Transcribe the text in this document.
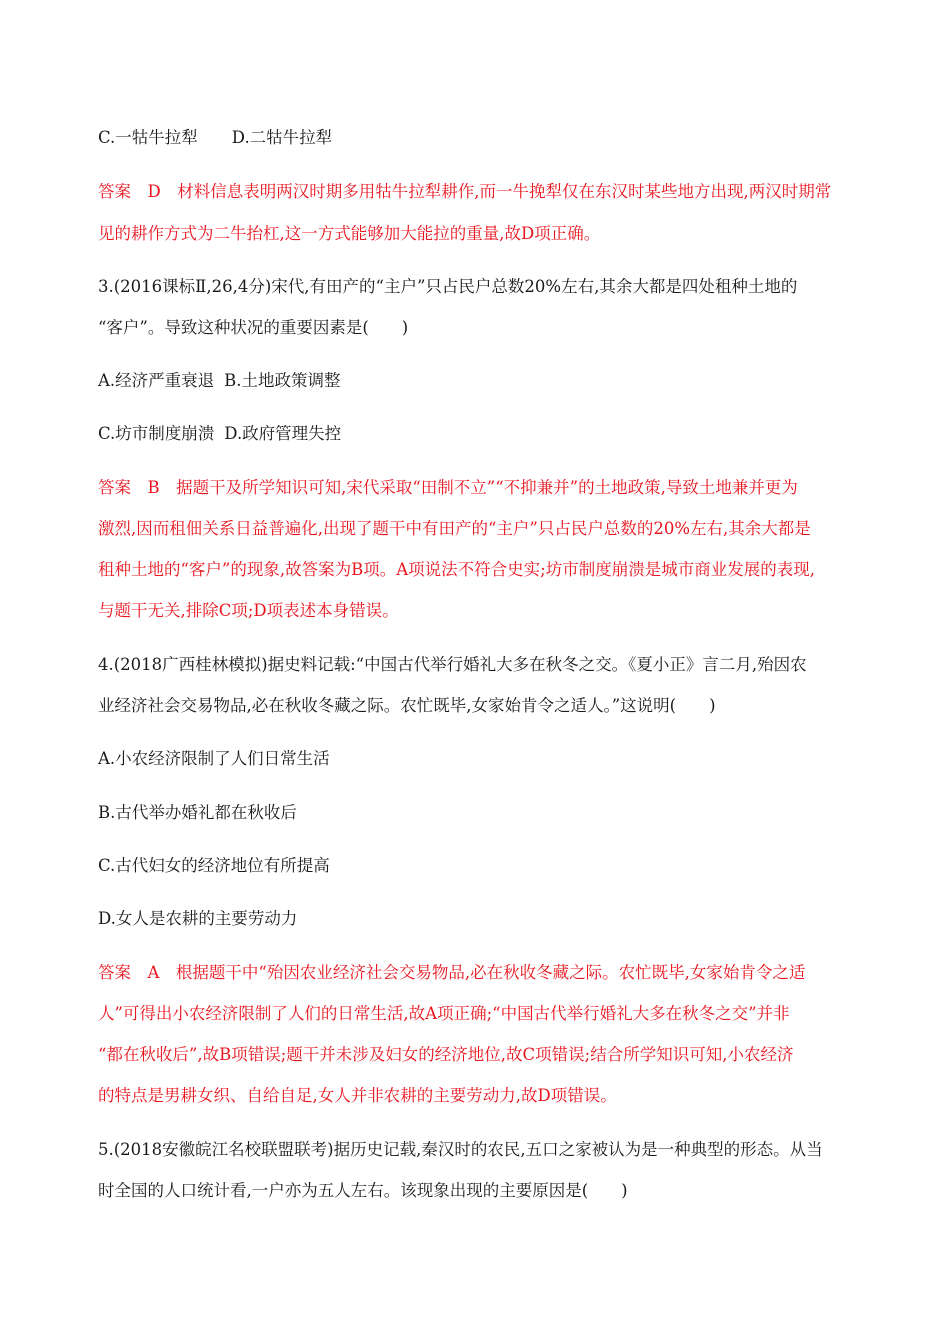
C.一牯牛拉犁 D.二牯牛拉犁
答案　D　材料信息表明两汉时期多用牯牛拉犁耕作,而一牛挽犁仅在东汉时某些地方出现,两汉时期常
见的耕作方式为二牛抬杠,这一方式能够加大能拉的重量,故D项正确。
3.(2016课标Ⅱ,26,4分)宋代,有田产的“主户”只占民户总数20%左右,其余大都是四处租种土地的
“客户”。导致这种状况的重要因素是(　　)
A.经济严重衰退 B.土地政策调整
C.坊市制度崩溃 D.政府管理失控
答案　B　据题干及所学知识可知,宋代采取“田制不立”“不抑兼并”的土地政策,导致土地兼并更为
激烈,因而租佃关系日益普遍化,出现了题干中有田产的“主户”只占民户总数的20%左右,其余大都是
租种土地的“客户”的现象,故答案为B项。A项说法不符合史实;坊市制度崩溃是城市商业发展的表现,
与题干无关,排除C项;D项表述本身错误。
4.(2018广西桂林模拟)据史料记载:“中国古代举行婚礼大多在秋冬之交。《夏小正》言二月,殆因农
业经济社会交易物品,必在秋收冬藏之际。农忙既毕,女家始肯令之适人。”这说明(　　)
A.小农经济限制了人们日常生活
B.古代举办婚礼都在秋收后
C.古代妇女的经济地位有所提高
D.女人是农耕的主要劳动力
答案　A　根据题干中“殆因农业经济社会交易物品,必在秋收冬藏之际。农忙既毕,女家始肯令之适
人”可得出小农经济限制了人们的日常生活,故A项正确;“中国古代举行婚礼大多在秋冬之交”并非
“都在秋收后”,故B项错误;题干并未涉及妇女的经济地位,故C项错误;结合所学知识可知,小农经济
的特点是男耕女织、自给自足,女人并非农耕的主要劳动力,故D项错误。
5.(2018安徽皖江名校联盟联考)据历史记载,秦汉时的农民,五口之家被认为是一种典型的形态。从当
时全国的人口统计看,一户亦为五人左右。该现象出现的主要原因是(　　)
